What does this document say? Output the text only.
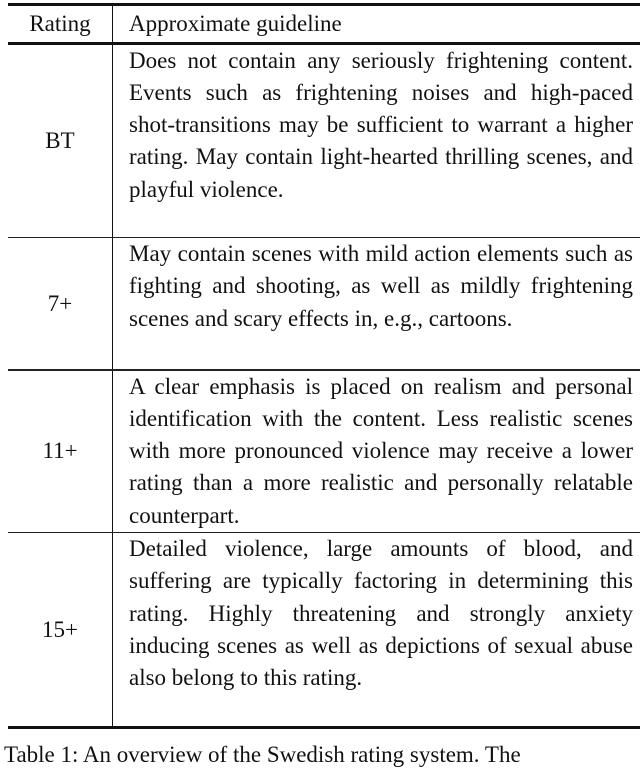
Rating	Approximate guideline
BT
Does not contain any seriously frightening content. Events such as frightening noises and high-paced shot-transitions may be sufficient to warrant a higher rating. May contain light-hearted thrilling scenes, and playful violence.
7+
May contain scenes with mild action elements such as fighting and shooting, as well as mildly frightening scenes and scary effects in, e.g., cartoons.
11+
A clear emphasis is placed on realism and personal identification with the content. Less realistic scenes with more pronounced violence may receive a lower rating than a more realistic and personally relatable counterpart.
15+
Detailed violence, large amounts of blood, and suffering are typically factoring in determining this rating. Highly threatening and strongly anxiety inducing scenes as well as depictions of sexual abuse also belong to this rating.
Table 1: An overview of the Swedish rating system. The
